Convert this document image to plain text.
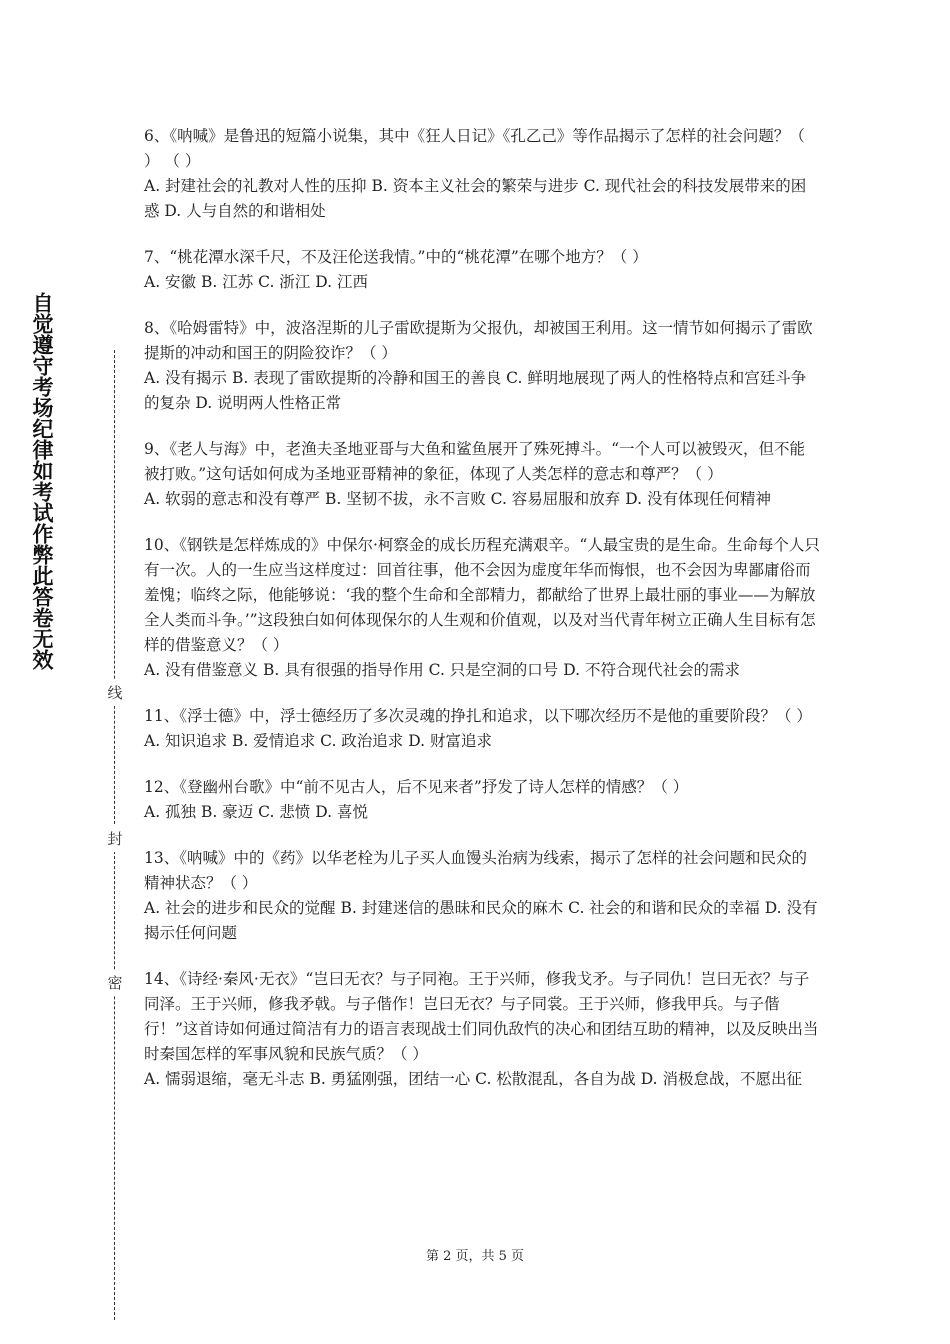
自觉遵守考场纪律如考试作弊此答卷无效
线
封
密

6、《呐喊》是鲁迅的短篇小说集，其中《狂人日记》《孔乙己》等作品揭示了怎样的社会问题？（ ） （ ）

A. 封建社会的礼教对人性的压抑 B. 资本主义社会的繁荣与进步 C. 现代社会的科技发展带来的困惑 D. 人与自然的和谐相处

7、“桃花潭水深千尺，不及汪伦送我情。”中的“桃花潭”在哪个地方？（ ）

A. 安徽 B. 江苏 C. 浙江 D. 江西

8、《哈姆雷特》中，波洛涅斯的儿子雷欧提斯为父报仇，却被国王利用。这一情节如何揭示了雷欧提斯的冲动和国王的阴险狡诈？（ ）

A. 没有揭示 B. 表现了雷欧提斯的冷静和国王的善良 C. 鲜明地展现了两人的性格特点和宫廷斗争的复杂 D. 说明两人性格正常

9、《老人与海》中，老渔夫圣地亚哥与大鱼和鲨鱼展开了殊死搏斗。“一个人可以被毁灭，但不能被打败。”这句话如何成为圣地亚哥精神的象征，体现了人类怎样的意志和尊严？（ ）

A. 软弱的意志和没有尊严 B. 坚韧不拔，永不言败 C. 容易屈服和放弃 D. 没有体现任何精神

10、《钢铁是怎样炼成的》中保尔·柯察金的成长历程充满艰辛。“人最宝贵的是生命。生命每个人只有一次。人的一生应当这样度过：回首往事，他不会因为虚度年华而悔恨，也不会因为卑鄙庸俗而羞愧；临终之际，他能够说：‘我的整个生命和全部精力，都献给了世界上最壮丽的事业——为解放全人类而斗争。’”这段独白如何体现保尔的人生观和价值观，以及对当代青年树立正确人生目标有怎样的借鉴意义？（ ）

A. 没有借鉴意义 B. 具有很强的指导作用 C. 只是空洞的口号 D. 不符合现代社会的需求

11、《浮士德》中，浮士德经历了多次灵魂的挣扎和追求，以下哪次经历不是他的重要阶段？（ ）

A. 知识追求 B. 爱情追求 C. 政治追求 D. 财富追求

12、《登幽州台歌》中“前不见古人，后不见来者”抒发了诗人怎样的情感？（ ）

A. 孤独 B. 豪迈 C. 悲愤 D. 喜悦

13、《呐喊》中的《药》以华老栓为儿子买人血馒头治病为线索，揭示了怎样的社会问题和民众的精神状态？（ ）

A. 社会的进步和民众的觉醒 B. 封建迷信的愚昧和民众的麻木 C. 社会的和谐和民众的幸福 D. 没有揭示任何问题

14、《诗经·秦风·无衣》“岂曰无衣？与子同袍。王于兴师，修我戈矛。与子同仇！岂曰无衣？与子同泽。王于兴师，修我矛戟。与子偕作！岂曰无衣？与子同裳。王于兴师，修我甲兵。与子偕行！”这首诗如何通过简洁有力的语言表现战士们同仇敌忾的决心和团结互助的精神，以及反映出当时秦国怎样的军事风貌和民族气质？（ ）

A. 懦弱退缩，毫无斗志 B. 勇猛刚强，团结一心 C. 松散混乱，各自为战 D. 消极怠战，不愿出征

第 2 页，共 5 页
